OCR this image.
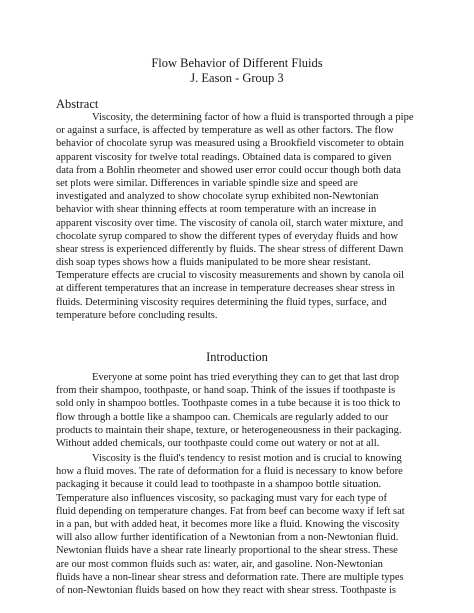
Flow Behavior of Different Fluids
J. Eason - Group 3
Abstract
Viscosity, the determining factor of how a fluid is transported through a pipe
or against a surface, is affected by temperature as well as other factors. The flow
behavior of chocolate syrup was measured using a Brookfield viscometer to obtain
apparent viscosity for twelve total readings. Obtained data is compared to given
data from a Bohlin rheometer and showed user error could occur though both data
set plots were similar. Differences in variable spindle size and speed are
investigated and analyzed to show chocolate syrup exhibited non-Newtonian
behavior with shear thinning effects at room temperature with an increase in
apparent viscosity over time. The viscosity of canola oil, starch water mixture, and
chocolate syrup compared to show the different types of everyday fluids and how
shear stress is experienced differently by fluids. The shear stress of different Dawn
dish soap types shows how a fluids manipulated to be more shear resistant.
Temperature effects are crucial to viscosity measurements and shown by canola oil
at different temperatures that an increase in temperature decreases shear stress in
fluids. Determining viscosity requires determining the fluid types, surface, and
temperature before concluding results.
Introduction
Everyone at some point has tried everything they can to get that last drop
from their shampoo, toothpaste, or hand soap. Think of the issues if toothpaste is
sold only in shampoo bottles. Toothpaste comes in a tube because it is too thick to
flow through a bottle like a shampoo can. Chemicals are regularly added to our
products to maintain their shape, texture, or heterogeneousness in their packaging.
Without added chemicals, our toothpaste could come out watery or not at all.
Viscosity is the fluid's tendency to resist motion and is crucial to knowing
how a fluid moves. The rate of deformation for a fluid is necessary to know before
packaging it because it could lead to toothpaste in a shampoo bottle situation.
Temperature also influences viscosity, so packaging must vary for each type of
fluid depending on temperature changes. Fat from beef can become waxy if left sat
in a pan, but with added heat, it becomes more like a fluid. Knowing the viscosity
will also allow further identification of a Newtonian from a non-Newtonian fluid.
Newtonian fluids have a shear rate linearly proportional to the shear stress. These
are our most common fluids such as: water, air, and gasoline. Non-Newtonian
fluids have a non-linear shear stress and deformation rate. There are multiple types
of non-Newtonian fluids based on how they react with shear stress. Toothpaste is
